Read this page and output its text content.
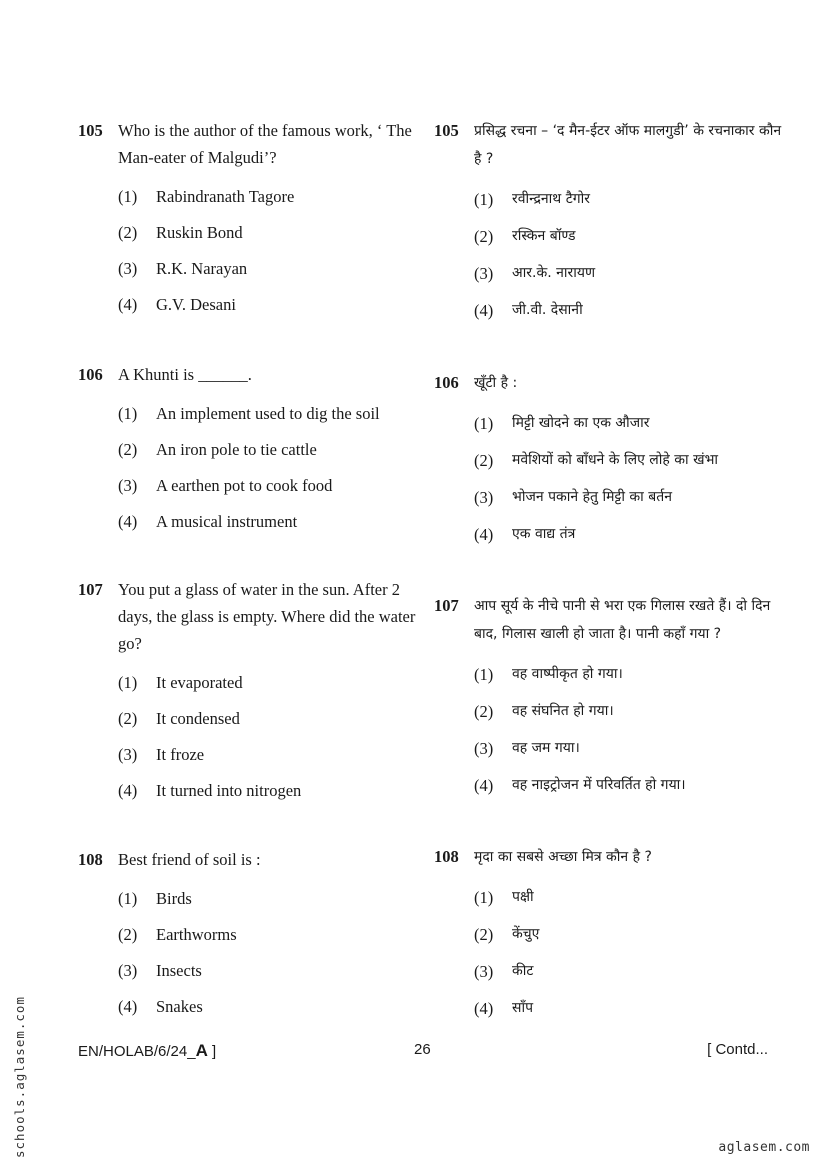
105 Who is the author of the famous work, ‘ The Man-eater of Malgudi’?
(1)	Rabindranath Tagore
(2)	Ruskin Bond
(3)	R.K. Narayan
(4)	G.V. Desani
106 A Khunti is ______.
(1)	An implement used to dig the soil
(2)	An iron pole to tie cattle
(3)	A earthen pot to cook food
(4)	A musical instrument
107 You put a glass of water in the sun. After 2 days, the glass is empty. Where did the water go?
(1)	It evaporated
(2)	It condensed
(3)	It froze
(4)	It turned into nitrogen
108 Best friend of soil is :
(1)	Birds
(2)	Earthworms
(3)	Insects
(4)	Snakes
105	प्रसिद्ध रचना – ‘द मैन-ईटर ऑफ मालगुडी’ के रचनाकार कौन है ?
(1)	रवीन्द्रनाथ टैगोर
(2)	रस्किन बॉण्ड
(3)	आर.के. नारायण
(4)	जी.वी. देसानी
106	खूँटी है :
(1)	मिट्टी खोदने का एक औजार
(2)	मवेशियों को बाँधने के लिए लोहे का खंभा
(3)	भोजन पकाने हेतु मिट्टी का बर्तन
(4)	एक वाद्य तंत्र
107	आप सूर्य के नीचे पानी से भरा एक गिलास रखते हैं। दो दिन बाद, गिलास खाली हो जाता है। पानी कहाँ गया ?
(1)	वह वाष्पीकृत हो गया।
(2)	वह संघनित हो गया।
(3)	वह जम गया।
(4)	वह नाइट्रोजन में परिवर्तित हो गया।
108	मृदा का सबसे अच्छा मित्र कौन है ?
(1)	पक्षी
(2)	केंचुए
(3)	कीट
(4)	साँप
EN/HOLAB/6/24_A ]	26	[ Contd...
schools.aglasem.com	aglasem.com
